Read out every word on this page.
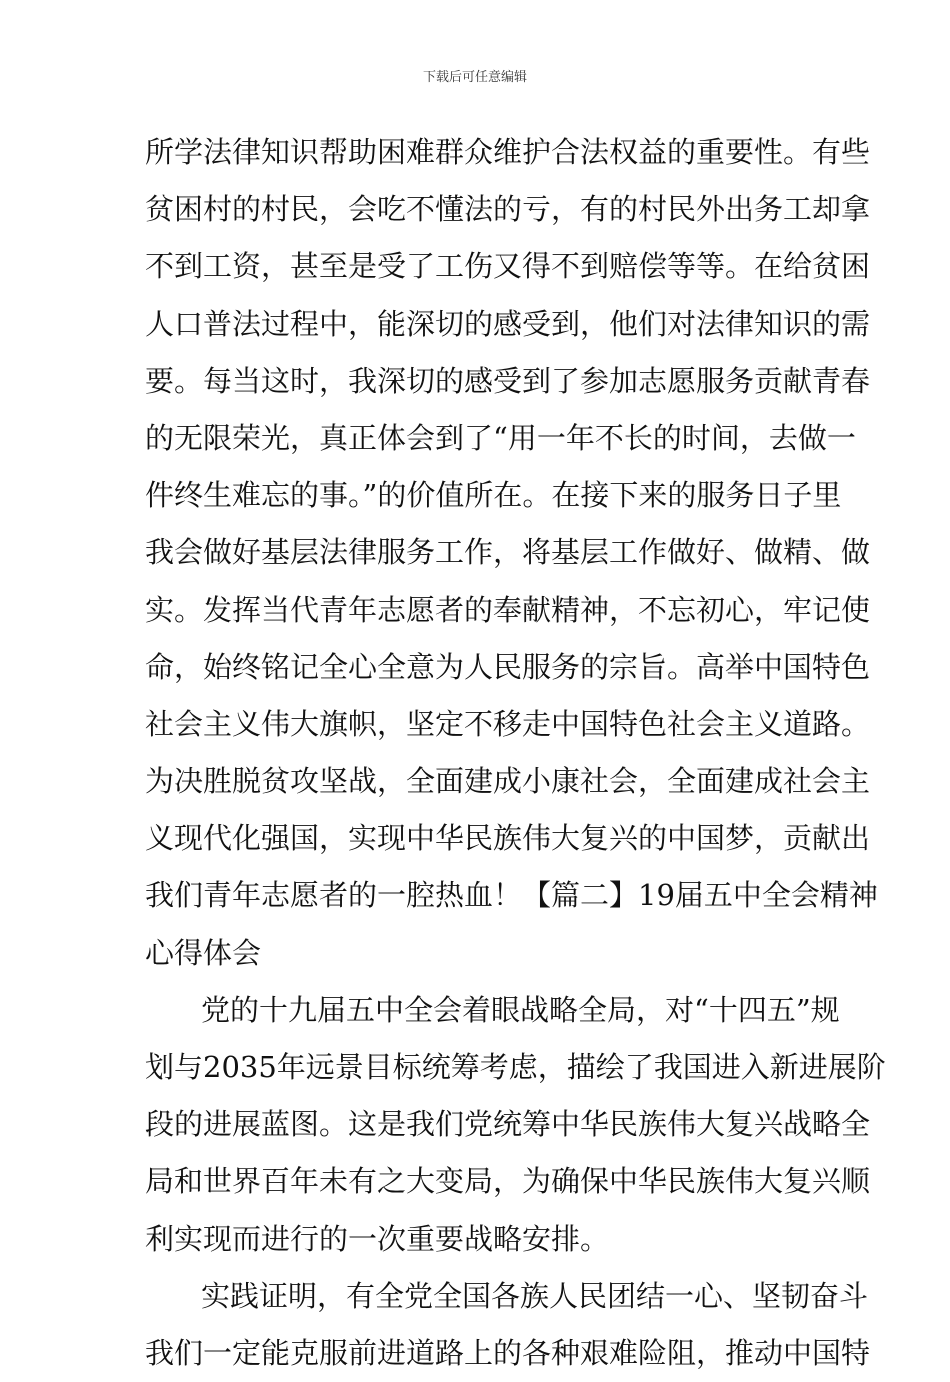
下载后可任意编辑
所学法律知识帮助困难群众维护合法权益的重要性。有些
贫困村的村民，会吃不懂法的亏，有的村民外出务工却拿
不到工资，甚至是受了工伤又得不到赔偿等等。在给贫困
人口普法过程中，能深切的感受到，他们对法律知识的需
要。每当这时，我深切的感受到了参加志愿服务贡献青春
的无限荣光，真正体会到了“用一年不长的时间，去做一
件终生难忘的事。”的价值所在。在接下来的服务日子里
我会做好基层法律服务工作，将基层工作做好、做精、做
实。发挥当代青年志愿者的奉献精神，不忘初心，牢记使
命，始终铭记全心全意为人民服务的宗旨。高举中国特色
社会主义伟大旗帜，坚定不移走中国特色社会主义道路。
为决胜脱贫攻坚战，全面建成小康社会，全面建成社会主
义现代化强国，实现中华民族伟大复兴的中国梦，贡献出
我们青年志愿者的一腔热血！【篇二】19届五中全会精神
心得体会
党的十九届五中全会着眼战略全局，对“十四五”规
划与2035年远景目标统筹考虑，描绘了我国进入新进展阶
段的进展蓝图。这是我们党统筹中华民族伟大复兴战略全
局和世界百年未有之大变局，为确保中华民族伟大复兴顺
利实现而进行的一次重要战略安排。
实践证明，有全党全国各族人民团结一心、坚韧奋斗
我们一定能克服前进道路上的各种艰难险阻，推动中国特
